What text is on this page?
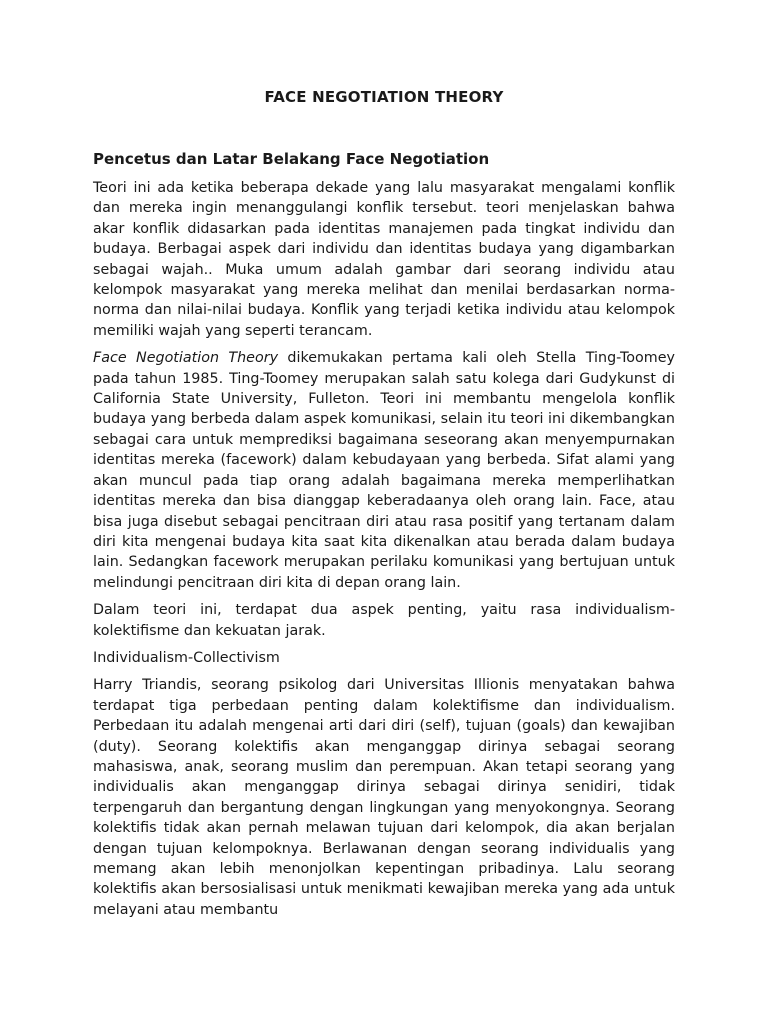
FACE NEGOTIATION THEORY
Pencetus dan Latar Belakang Face Negotiation

Teori ini ada ketika beberapa dekade yang lalu masyarakat mengalami konflik dan mereka ingin menanggulangi konflik tersebut. teori menjelaskan bahwa akar konflik didasarkan pada identitas manajemen pada tingkat individu dan budaya. Berbagai aspek dari individu dan identitas budaya yang digambarkan sebagai wajah.. Muka umum adalah gambar dari seorang individu atau kelompok masyarakat yang mereka melihat dan menilai berdasarkan norma-norma dan nilai-nilai budaya. Konflik yang terjadi ketika individu atau kelompok memiliki wajah yang seperti terancam.

Face Negotiation Theory dikemukakan pertama kali oleh Stella Ting-Toomey pada tahun 1985. Ting-Toomey merupakan salah satu kolega dari Gudykunst di California State University, Fulleton. Teori ini membantu mengelola konflik budaya yang berbeda dalam aspek komunikasi, selain itu teori ini dikembangkan sebagai cara untuk memprediksi bagaimana seseorang akan menyempurnakan identitas mereka (facework) dalam kebudayaan yang berbeda. Sifat alami yang akan muncul pada tiap orang adalah bagaimana mereka memperlihatkan identitas mereka dan bisa dianggap keberadaanya oleh orang lain. Face, atau bisa juga disebut sebagai pencitraan diri atau rasa positif yang tertanam dalam diri kita mengenai budaya kita saat kita dikenalkan atau berada dalam budaya lain. Sedangkan facework merupakan perilaku komunikasi yang bertujuan untuk melindungi pencitraan diri kita di depan orang lain.

Dalam teori ini, terdapat dua aspek penting, yaitu rasa individualism-kolektifisme dan kekuatan jarak.

Individualism-Collectivism

Harry Triandis, seorang psikolog dari Universitas Illionis menyatakan bahwa terdapat tiga perbedaan penting dalam kolektifisme dan individualism. Perbedaan itu adalah mengenai arti dari diri (self), tujuan (goals) dan kewajiban (duty). Seorang kolektifis akan menganggap dirinya sebagai seorang mahasiswa, anak, seorang muslim dan perempuan. Akan tetapi seorang yang individualis akan menganggap dirinya sebagai dirinya senidiri, tidak terpengaruh dan bergantung dengan lingkungan yang menyokongnya. Seorang kolektifis tidak akan pernah melawan tujuan dari kelompok, dia akan berjalan dengan tujuan kelompoknya. Berlawanan dengan seorang individualis yang memang akan lebih menonjolkan kepentingan pribadinya. Lalu seorang kolektifis akan bersosialisasi untuk menikmati kewajiban mereka yang ada untuk melayani atau membantu
